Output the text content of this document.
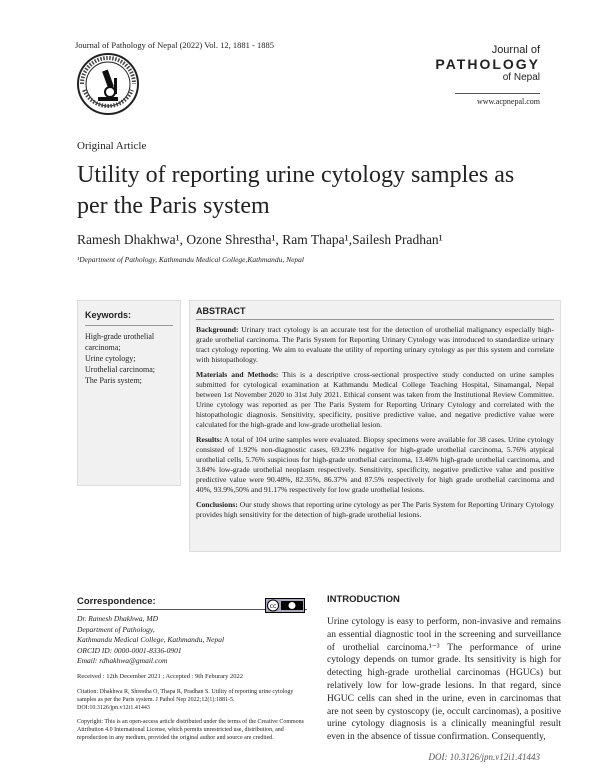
Journal of Pathology of Nepal (2022) Vol. 12, 1881 - 1885	Journal of
PATHOLOGY
of Nepal
www.acpnepal.com
Original Article
Utility of reporting urine cytology samples as per the Paris system
Ramesh Dhakhwa¹, Ozone Shrestha¹, Ram Thapa¹,Sailesh Pradhan¹
¹Department of Pathology, Kathmandu Medical College,Kathmandu, Nepal
Keywords:
High-grade urothelial carcinoma;
Urine cytology;
Urothelial carcinoma;
The Paris system;
ABSTRACT

Background: Urinary tract cytology is an accurate test for the detection of urothelial malignancy especially high-grade urothelial carcinoma. The Paris System for Reporting Urinary Cytology was introduced to standardize urinary tract cytology reporting. We aim to evaluate the utility of reporting urinary cytology as per this system and correlate with histopathology.

Materials and Methods: This is a descriptive cross-sectional prospective study conducted on urine samples submitted for cytological examination at Kathmandu Medical College Teaching Hospital, Sinamangal, Nepal between 1st November 2020 to 31st July 2021. Ethical consent was taken from the Institutional Review Committee. Urine cytology was reported as per The Paris System for Reporting Urinary Cytology and correlated with the histopathologic diagnosis. Sensitivity, specificity, positive predictive value, and negative predictive value were calculated for the high-grade and low-grade urothelial lesion.

Results: A total of 104 urine samples were evaluated. Biopsy specimens were available for 38 cases. Urine cytology consisted of 1.92% non-diagnostic cases, 69.23% negative for high-grade urothelial carcinoma, 5.76% atypical urothelial cells, 5.76% suspicious for high-grade urothelial carcinoma, 13.46% high-grade urothelial carcinoma, and 3.84% low-grade urothelial neoplasm respectively. Sensitivity, specificity, negative predictive value and positive predictive value were 90.48%, 82.35%, 86.37% and 87.5% respectively for high grade urothelial carcinoma and 40%, 93.9%,50% and 91.17% respectively for low grade urothelial lesions.

Conclusions: Our study shows that reporting urine cytology as per The Paris System for Reporting Urinary Cytology provides high sensitivity for the detection of high-grade urothelial lesions.

Correspondence:
Dr. Ramesh Dhakhwa, MD
Department of Pathology,
Kathmandu Medical College, Kathmandu, Nepal
ORCID ID: 0000-0001-8336-0901
Email: rdhakhwa@gmail.com
Received : 12th December 2021 ; Accepted : 9th Feburary 2022
Citation: Dhakhwa R, Shrestha O, Thapa R, Pradhan S. Utility of reporting urine cytology samples as per the Paris system. J Pathol Nep 2022;12(1):1881-5. DOI:10.3126/jpn.v12i1.41443
Copyright: This is an open-access article distributed under the terms of the Creative Commons Attribution 4.0 International License, which permits unrestricted use, distribution, and reproduction in any medium, provided the original author and source are credited.
cc
INTRODUCTION
Urine cytology is easy to perform, non-invasive and remains an essential diagnostic tool in the screening and surveillance of urothelial carcinoma.¹⁻³ The performance of urine cytology depends on tumor grade. Its sensitivity is high for detecting high-grade urothelial carcinomas (HGUCs) but relatively low for low-grade lesions. In that regard, since HGUC cells can shed in the urine, even in carcinomas that are not seen by cystoscopy (ie, occult carcinomas), a positive urine cytology diagnosis is a clinically meaningful result even in the absence of tissue confirmation. Consequently,
DOI: 10.3126/jpn.v12i1.41443
